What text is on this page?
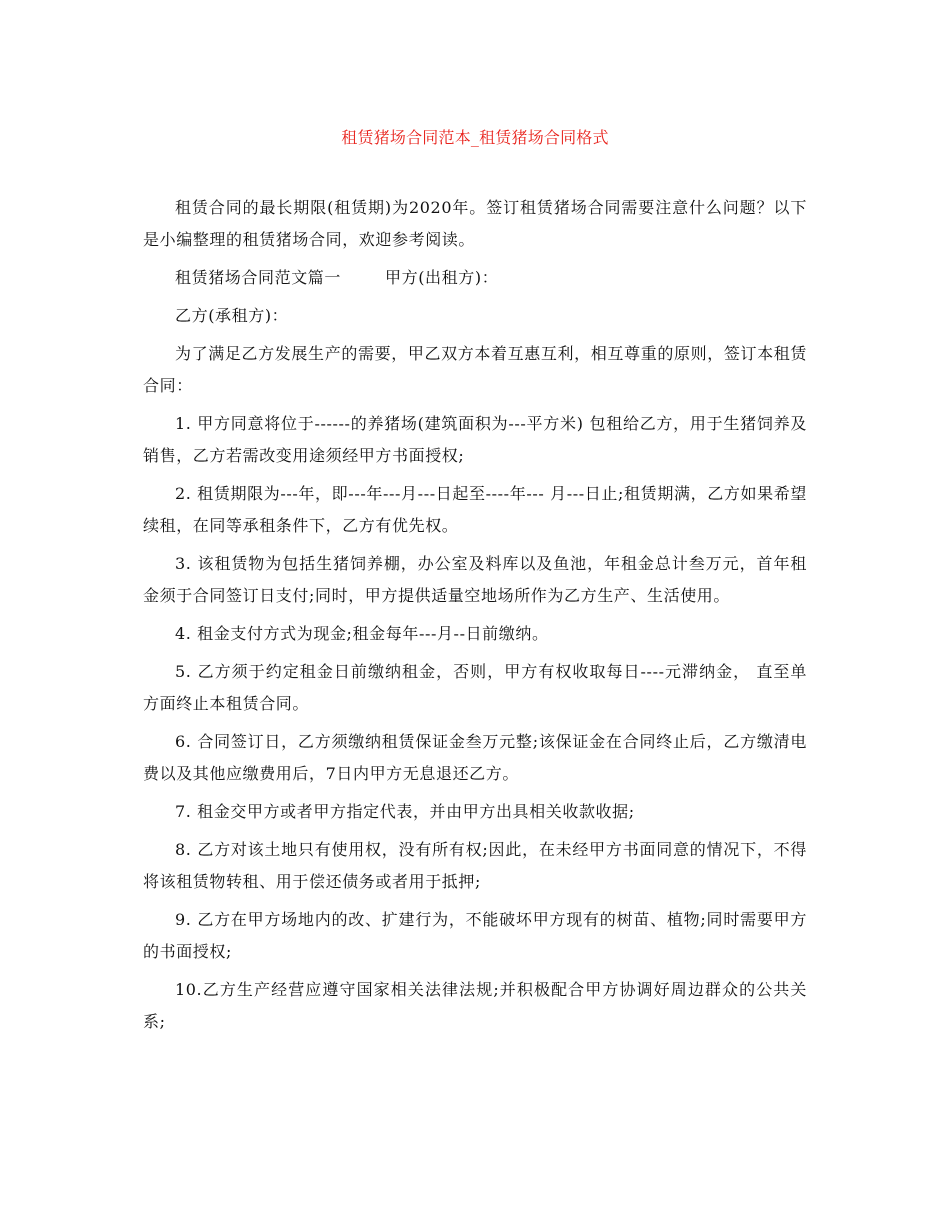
租赁猪场合同范本_租赁猪场合同格式

租赁合同的最长期限(租赁期)为2020年。签订租赁猪场合同需要注意什么问题？以下是小编整理的租赁猪场合同，欢迎参考阅读。

租赁猪场合同范文篇一	甲方(出租方)：

乙方(承租方)：

为了满足乙方发展生产的需要，甲乙双方本着互惠互利，相互尊重的原则，签订本租赁合同：

1. 甲方同意将位于------的养猪场(建筑面积为---平方米) 包租给乙方，用于生猪饲养及销售，乙方若需改变用途须经甲方书面授权;

2. 租赁期限为---年，即---年---月---日起至----年--- 月---日止;租赁期满，乙方如果希望续租，在同等承租条件下，乙方有优先权。

3. 该租赁物为包括生猪饲养棚，办公室及料库以及鱼池，年租金总计叁万元，首年租金须于合同签订日支付;同时，甲方提供适量空地场所作为乙方生产、生活使用。

4. 租金支付方式为现金;租金每年---月--日前缴纳。

5. 乙方须于约定租金日前缴纳租金，否则，甲方有权收取每日----元滞纳金， 直至单方面终止本租赁合同。

6. 合同签订日，乙方须缴纳租赁保证金叁万元整;该保证金在合同终止后，乙方缴清电费以及其他应缴费用后，7日内甲方无息退还乙方。

7. 租金交甲方或者甲方指定代表，并由甲方出具相关收款收据;

8. 乙方对该土地只有使用权，没有所有权;因此，在未经甲方书面同意的情况下，不得将该租赁物转租、用于偿还债务或者用于抵押;

9. 乙方在甲方场地内的改、扩建行为，不能破坏甲方现有的树苗、植物;同时需要甲方的书面授权;

10.乙方生产经营应遵守国家相关法律法规;并积极配合甲方协调好周边群众的公共关系;
